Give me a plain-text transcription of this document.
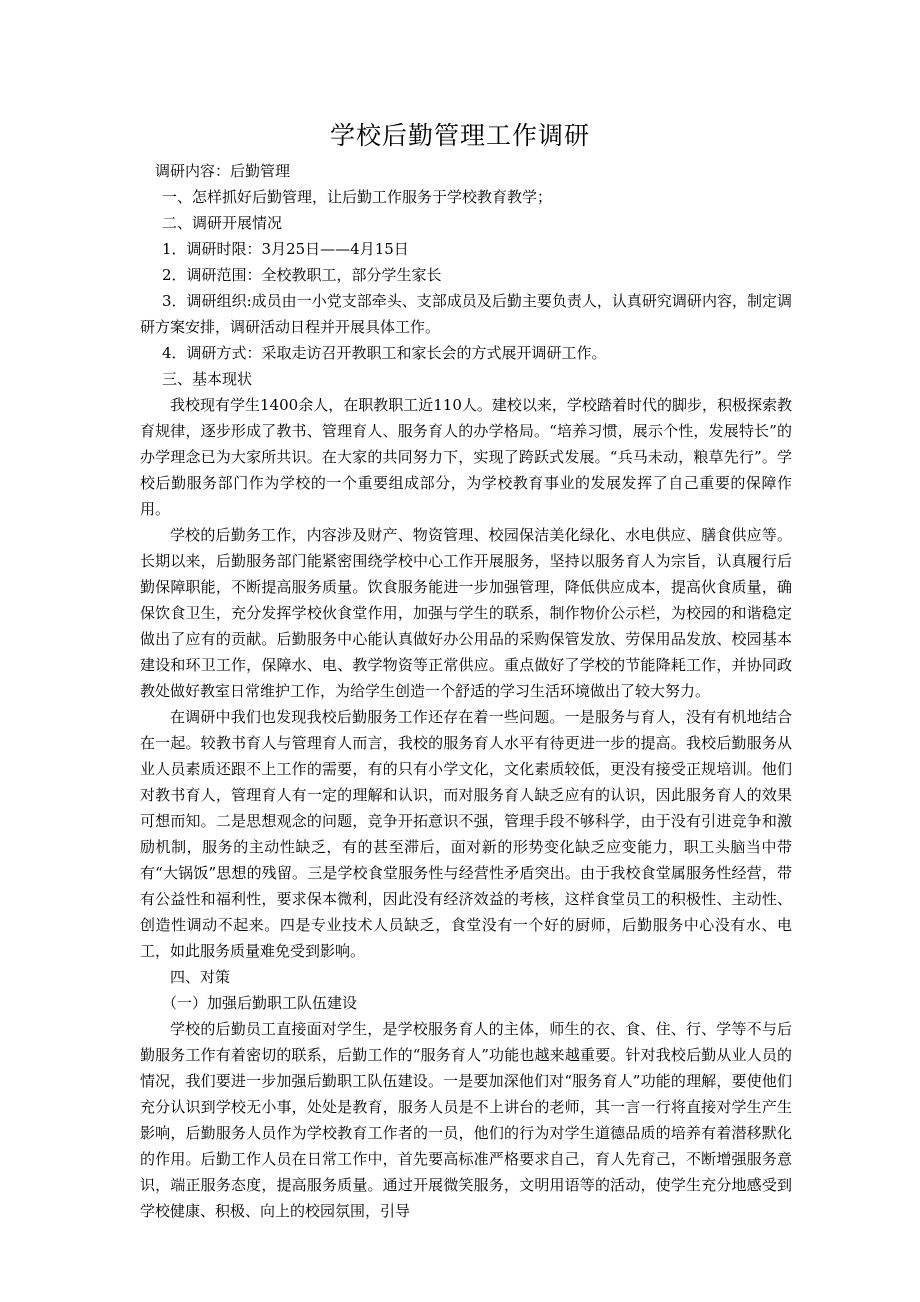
学校后勤管理工作调研

调研内容：后勤管理

一、怎样抓好后勤管理，让后勤工作服务于学校教育教学；

二、调研开展情况

1．调研时限：3月25日——4月15日

2．调研范围：全校教职工，部分学生家长

3．调研组织:成员由一小党支部牵头、支部成员及后勤主要负责人，认真研究调研内容，制定调研方案安排，调研活动日程并开展具体工作。

4．调研方式：采取走访召开教职工和家长会的方式展开调研工作。

三、基本现状

我校现有学生1400余人，在职教职工近110人。建校以来，学校踏着时代的脚步，积极探索教育规律，逐步形成了教书、管理育人、服务育人的办学格局。“培养习惯，展示个性，发展特长”的办学理念已为大家所共识。在大家的共同努力下，实现了跨跃式发展。“兵马未动，粮草先行”。学校后勤服务部门作为学校的一个重要组成部分，为学校教育事业的发展发挥了自己重要的保障作用。

学校的后勤务工作，内容涉及财产、物资管理、校园保洁美化绿化、水电供应、膳食供应等。长期以来，后勤服务部门能紧密围绕学校中心工作开展服务，坚持以服务育人为宗旨，认真履行后勤保障职能，不断提高服务质量。饮食服务能进一步加强管理，降低供应成本，提高伙食质量，确保饮食卫生，充分发挥学校伙食堂作用，加强与学生的联系，制作物价公示栏，为校园的和谐稳定做出了应有的贡献。后勤服务中心能认真做好办公用品的采购保管发放、劳保用品发放、校园基本建设和环卫工作，保障水、电、教学物资等正常供应。重点做好了学校的节能降耗工作，并协同政教处做好教室日常维护工作，为给学生创造一个舒适的学习生活环境做出了较大努力。

在调研中我们也发现我校后勤服务工作还存在着一些问题。一是服务与育人，没有有机地结合在一起。较教书育人与管理育人而言，我校的服务育人水平有待更进一步的提高。我校后勤服务从业人员素质还跟不上工作的需要，有的只有小学文化，文化素质较低，更没有接受正规培训。他们对教书育人，管理育人有一定的理解和认识，而对服务育人缺乏应有的认识，因此服务育人的效果可想而知。二是思想观念的问题，竞争开拓意识不强，管理手段不够科学，由于没有引进竞争和激励机制，服务的主动性缺乏，有的甚至滞后，面对新的形势变化缺乏应变能力，职工头脑当中带有“大锅饭”思想的残留。三是学校食堂服务性与经营性矛盾突出。由于我校食堂属服务性经营，带有公益性和福利性，要求保本微利，因此没有经济效益的考核，这样食堂员工的积极性、主动性、创造性调动不起来。四是专业技术人员缺乏，食堂没有一个好的厨师，后勤服务中心没有水、电工，如此服务质量难免受到影响。

四、对策

（一）加强后勤职工队伍建设

学校的后勤员工直接面对学生，是学校服务育人的主体，师生的衣、食、住、行、学等不与后勤服务工作有着密切的联系，后勤工作的“服务育人”功能也越来越重要。针对我校后勤从业人员的情况，我们要进一步加强后勤职工队伍建设。一是要加深他们对“服务育人”功能的理解，要使他们充分认识到学校无小事，处处是教育，服务人员是不上讲台的老师，其一言一行将直接对学生产生影响，后勤服务人员作为学校教育工作者的一员，他们的行为对学生道德品质的培养有着潜移默化的作用。后勤工作人员在日常工作中，首先要高标准严格要求自己，育人先育己，不断增强服务意识，端正服务态度，提高服务质量。通过开展微笑服务，文明用语等的活动，使学生充分地感受到学校健康、积极、向上的校园氛围，引导
